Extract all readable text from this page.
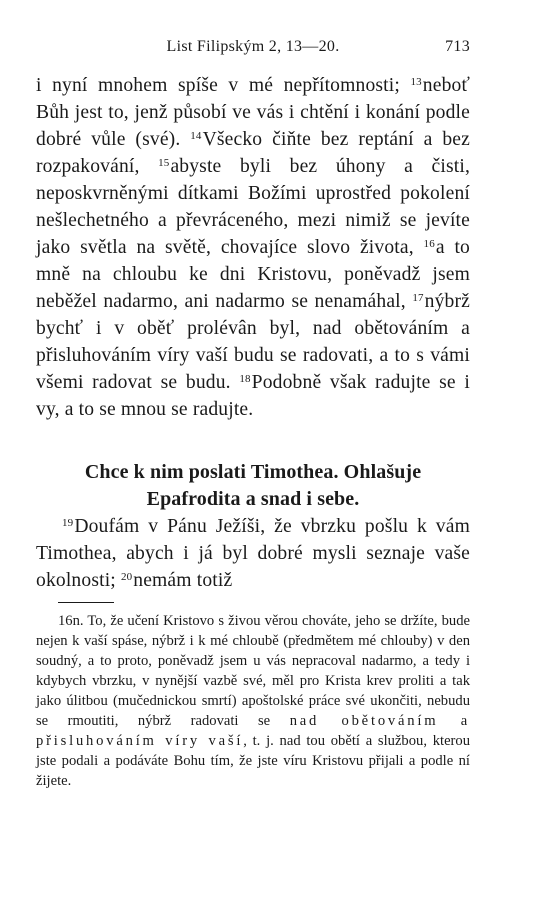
List Filipským 2, 13—20.	713

i nyní mnohem spíše v mé nepřítomnosti; $^{13}$neboť Bůh jest to, jenž působí ve vás i chtění i konání podle dobré vůle (své). $^{14}$Všecko čiňte bez reptání a bez rozpakování, $^{15}$abyste byli bez úhony a čisti, neposkvrněnými dítkami Božími uprostřed pokolení nešlechetného a převráceného, mezi nimiž se jevíte jako světla na světě, chovajíce slovo života, $^{16}$a to mně na chloubu ke dni Kristovu, poněvadž jsem neběžel nadarmo, ani nadarmo se nenamáhal, $^{17}$nýbrž bychť i v oběť prolévân byl, nad obětováním a přisluhováním víry vaší budu se radovati, a to s vámi všemi radovat se budu. $^{18}$Podobně však radujte se i vy, a to se mnou se radujte.

Chce k nim poslati Timothea. Ohlašuje Epafrodita a snad i sebe.

$^{19}$Doufám v Pánu Ježíši, že vbrzku pošlu k vám Timothea, abych i já byl dobré mysli seznaje vaše okolnosti; $^{20}$nemám totiž

16n. To, že učení Kristovo s živou věrou chováte, jeho se držíte, bude nejen k vaší spáse, nýbrž i k mé chloubě (předmětem mé chlouby) v den soudný, a to proto, poněvadž jsem u vás nepracoval nadarmo, a tedy i kdybych vbrzku, v nynější vazbě své, měl pro Krista krev proliti a tak jako úlitbou (mučednickou smrtí) apoštolské práce své ukončiti, nebudu se rmoutiti, nýbrž radovati se nad obětováním a přisluhováním víry vaší, t. j. nad tou obětí a službou, kterou jste podali a podáváte Bohu tím, že jste víru Kristovu přijali a podle ní žijete.
